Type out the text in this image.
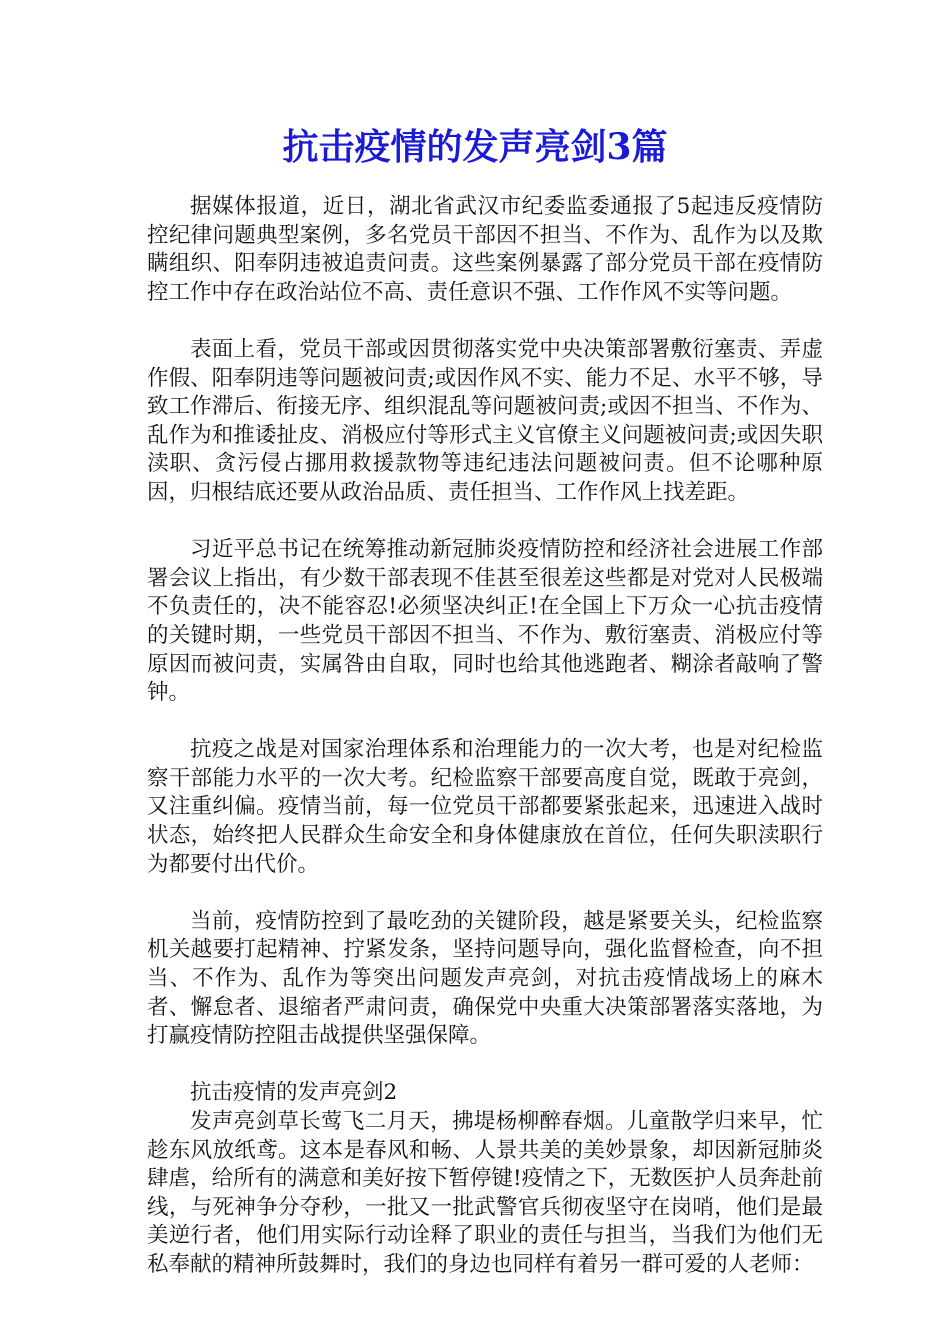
抗击疫情的发声亮剑3篇

据媒体报道，近日，湖北省武汉市纪委监委通报了5起违反疫情防控纪律问题典型案例，多名党员干部因不担当、不作为、乱作为以及欺瞒组织、阳奉阴违被追责问责。这些案例暴露了部分党员干部在疫情防控工作中存在政治站位不高、责任意识不强、工作作风不实等问题。

表面上看，党员干部或因贯彻落实党中央决策部署敷衍塞责、弄虚作假、阳奉阴违等问题被问责;或因作风不实、能力不足、水平不够，导致工作滞后、衔接无序、组织混乱等问题被问责;或因不担当、不作为、乱作为和推诿扯皮、消极应付等形式主义官僚主义问题被问责;或因失职渎职、贪污侵占挪用救援款物等违纪违法问题被问责。但不论哪种原因，归根结底还要从政治品质、责任担当、工作作风上找差距。

习近平总书记在统筹推动新冠肺炎疫情防控和经济社会进展工作部署会议上指出，有少数干部表现不佳甚至很差这些都是对党对人民极端不负责任的，决不能容忍!必须坚决纠正!在全国上下万众一心抗击疫情的关键时期，一些党员干部因不担当、不作为、敷衍塞责、消极应付等原因而被问责，实属咎由自取，同时也给其他逃跑者、糊涂者敲响了警钟。

抗疫之战是对国家治理体系和治理能力的一次大考，也是对纪检监察干部能力水平的一次大考。纪检监察干部要高度自觉，既敢于亮剑，又注重纠偏。疫情当前，每一位党员干部都要紧张起来，迅速进入战时状态，始终把人民群众生命安全和身体健康放在首位，任何失职渎职行为都要付出代价。

当前，疫情防控到了最吃劲的关键阶段，越是紧要关头，纪检监察机关越要打起精神、拧紧发条，坚持问题导向，强化监督检查，向不担当、不作为、乱作为等突出问题发声亮剑，对抗击疫情战场上的麻木者、懈怠者、退缩者严肃问责，确保党中央重大决策部署落实落地，为打赢疫情防控阻击战提供坚强保障。

抗击疫情的发声亮剑2

发声亮剑草长莺飞二月天，拂堤杨柳醉春烟。儿童散学归来早，忙趁东风放纸鸢。这本是春风和畅、人景共美的美妙景象，却因新冠肺炎肆虐，给所有的满意和美好按下暂停键!疫情之下，无数医护人员奔赴前线，与死神争分夺秒，一批又一批武警官兵彻夜坚守在岗哨，他们是最美逆行者，他们用实际行动诠释了职业的责任与担当，当我们为他们无私奉献的精神所鼓舞时，我们的身边也同样有着另一群可爱的人老师：
